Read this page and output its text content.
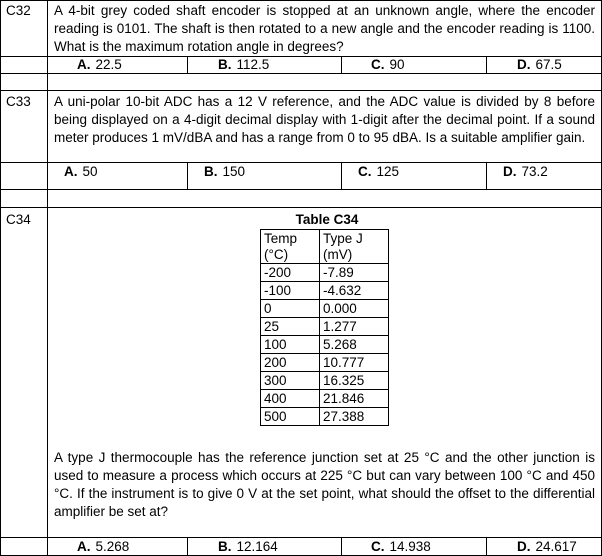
C32 A 4-bit grey coded shaft encoder is stopped at an unknown angle, where the encoder reading is 0101. The shaft is then rotated to a new angle and the encoder reading is 1100. What is the maximum rotation angle in degrees?

A. 22.5	B. 112.5	C. 90	D. 67.5
C33 A uni-polar 10-bit ADC has a 12 V reference, and the ADC value is divided by 8 before being displayed on a 4-digit decimal display with 1-digit after the decimal point. If a sound meter produces 1 mV/dBA and has a range from 0 to 95 dBA. Is a suitable amplifier gain.

A. 50	B. 150	C. 125	D. 73.2
C34	Table C34
Temp (°C)	Type J (mV)
-200	-7.89
-100	-4.632
0	0.000
25	1.277
100	5.268
200	10.777
300	16.325
400	21.846
500	27.388

A type J thermocouple has the reference junction set at 25 °C and the other junction is used to measure a process which occurs at 225 °C but can vary between 100 °C and 450 °C. If the instrument is to give 0 V at the set point, what should the offset to the differential amplifier be set at?

A. 5.268	B. 12.164	C. 14.938	D. 24.617
